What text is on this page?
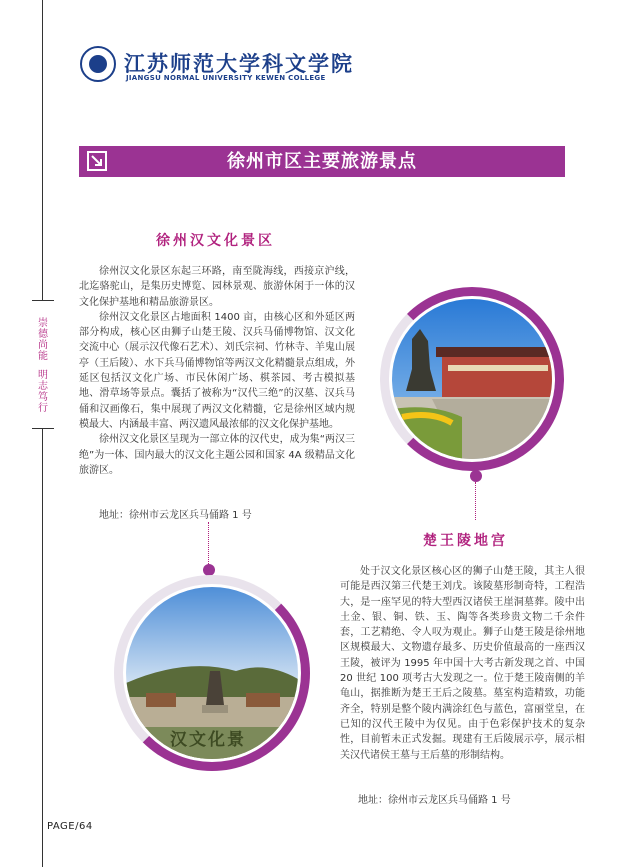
崇德尚能
明志笃行
江苏师范大学科文学院
JIANGSU NORMAL UNIVERSITY KEWEN COLLEGE
徐州市区主要旅游景点
徐州汉文化景区

徐州汉文化景区东起三环路，南至陇海线，西接京沪线，北迄骆驼山，是集历史博览、园林景观、旅游休闲于一体的汉文化保护基地和精品旅游景区。

徐州汉文化景区占地面积 1400 亩，由核心区和外延区两部分构成，核心区由狮子山楚王陵、汉兵马俑博物馆、汉文化交流中心（展示汉代像石艺术）、刘氏宗祠、竹林寺、羊鬼山展亭（王后陵）、水下兵马俑博物馆等两汉文化精髓景点组成，外延区包括汉文化广场、市民休闲广场、棋茶园、考古模拟基地、滑草场等景点。囊括了被称为“汉代三绝”的汉墓、汉兵马俑和汉画像石，集中展现了两汉文化精髓，它是徐州区域内规模最大、内涵最丰富、两汉遗风最浓郁的汉文化保护基地。

徐州汉文化景区呈现为一部立体的汉代史，成为集“两汉三绝”为一体、国内最大的汉文化主题公园和国家 4A 级精品文化旅游区。

地址：徐州市云龙区兵马俑路 1 号
楚王陵地宫

处于汉文化景区核心区的狮子山楚王陵，其主人很可能是西汉第三代楚王刘戊。该陵墓形制奇特，工程浩大，是一座罕见的特大型西汉诸侯王崖洞墓葬。陵中出土金、银、铜、铁、玉、陶等各类珍贵文物二千余件套，工艺精绝、令人叹为观止。狮子山楚王陵是徐州地区规模最大、文物遗存最多、历史价值最高的一座西汉王陵，被评为 1995 年中国十大考古新发现之首、中国 20 世纪 100 项考古大发现之一。位于楚王陵南侧的羊龟山，据推断为楚王王后之陵墓。墓室构造精致，功能齐全，特别是整个陵内满涂红色与蓝色，富丽堂皇，在已知的汉代王陵中为仅见。由于色彩保护技术的复杂性，目前暂未正式发掘。现建有王后陵展示亭，展示相关汉代诸侯王墓与王后墓的形制结构。

地址：徐州市云龙区兵马俑路 1 号
汉文化景
PAGE/64
